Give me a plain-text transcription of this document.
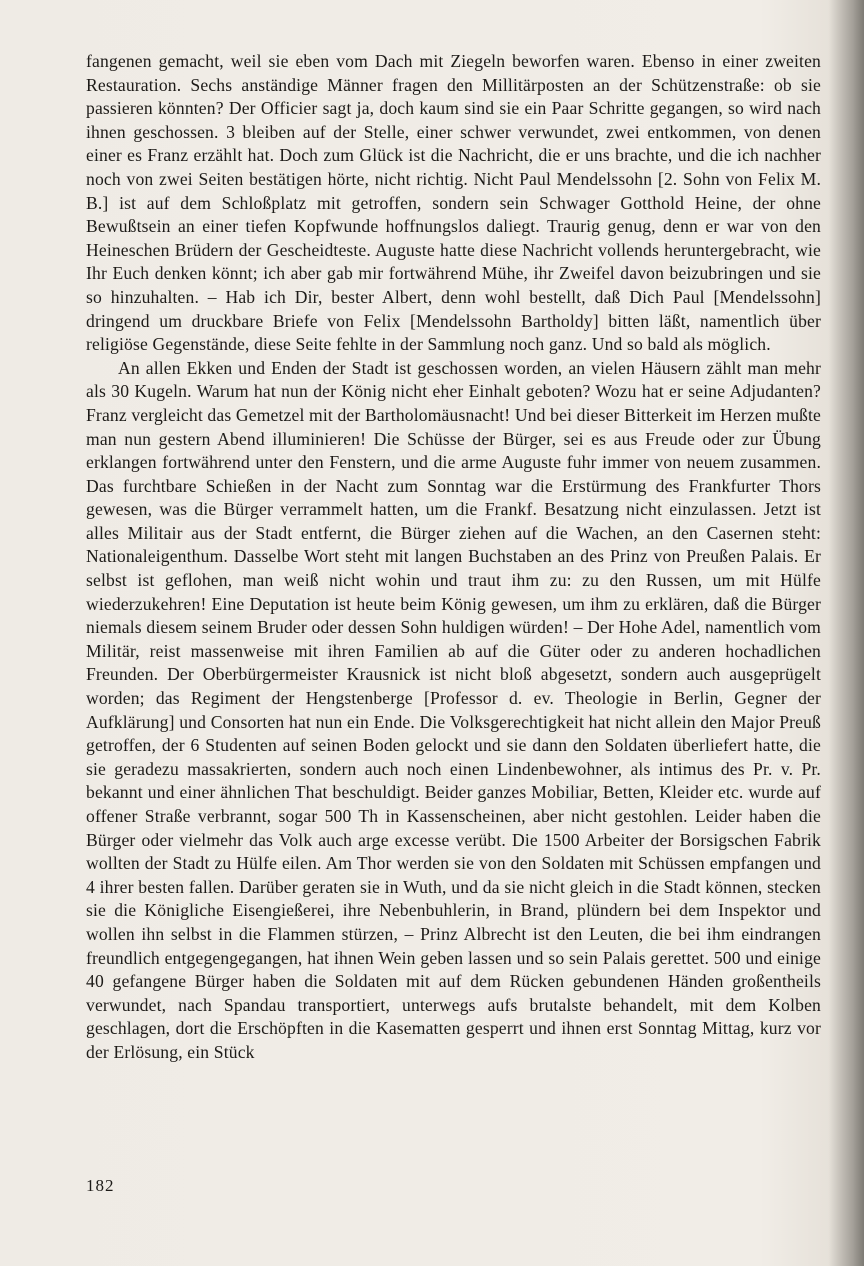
fangenen gemacht, weil sie eben vom Dach mit Ziegeln beworfen waren. Ebenso in einer zweiten Restauration. Sechs anständige Männer fragen den Millitärposten an der Schützenstraße: ob sie passieren könnten? Der Officier sagt ja, doch kaum sind sie ein Paar Schritte gegangen, so wird nach ihnen geschossen. 3 bleiben auf der Stelle, einer schwer verwundet, zwei entkommen, von denen einer es Franz erzählt hat. Doch zum Glück ist die Nachricht, die er uns brachte, und die ich nachher noch von zwei Seiten bestätigen hörte, nicht richtig. Nicht Paul Mendelssohn [2. Sohn von Felix M. B.] ist auf dem Schloßplatz mit getroffen, sondern sein Schwager Gotthold Heine, der ohne Bewußtsein an einer tiefen Kopfwunde hoffnungslos daliegt. Traurig genug, denn er war von den Heineschen Brüdern der Gescheidteste. Auguste hatte diese Nachricht vollends heruntergebracht, wie Ihr Euch denken könnt; ich aber gab mir fortwährend Mühe, ihr Zweifel davon beizubringen und sie so hinzuhalten. – Hab ich Dir, bester Albert, denn wohl bestellt, daß Dich Paul [Mendelssohn] dringend um druckbare Briefe von Felix [Mendelssohn Bartholdy] bitten läßt, namentlich über religiöse Gegenstände, diese Seite fehlte in der Sammlung noch ganz. Und so bald als möglich.

An allen Ekken und Enden der Stadt ist geschossen worden, an vielen Häusern zählt man mehr als 30 Kugeln. Warum hat nun der König nicht eher Einhalt geboten? Wozu hat er seine Adjudanten? Franz vergleicht das Gemetzel mit der Bartholomäusnacht! Und bei dieser Bitterkeit im Herzen mußte man nun gestern Abend illuminieren! Die Schüsse der Bürger, sei es aus Freude oder zur Übung erklangen fortwährend unter den Fenstern, und die arme Auguste fuhr immer von neuem zusammen. Das furchtbare Schießen in der Nacht zum Sonntag war die Erstürmung des Frankfurter Thors gewesen, was die Bürger verrammelt hatten, um die Frankf. Besatzung nicht einzulassen. Jetzt ist alles Militair aus der Stadt entfernt, die Bürger ziehen auf die Wachen, an den Casernen steht: Nationaleigenthum. Dasselbe Wort steht mit langen Buchstaben an des Prinz von Preußen Palais. Er selbst ist geflohen, man weiß nicht wohin und traut ihm zu: zu den Russen, um mit Hülfe wiederzukehren! Eine Deputation ist heute beim König gewesen, um ihm zu erklären, daß die Bürger niemals diesem seinem Bruder oder dessen Sohn huldigen würden! – Der Hohe Adel, namentlich vom Militär, reist massenweise mit ihren Familien ab auf die Güter oder zu anderen hochadlichen Freunden. Der Oberbürgermeister Krausnick ist nicht bloß abgesetzt, sondern auch ausgeprügelt worden; das Regiment der Hengstenberge [Professor d. ev. Theologie in Berlin, Gegner der Aufklärung] und Consorten hat nun ein Ende. Die Volksgerechtigkeit hat nicht allein den Major Preuß getroffen, der 6 Studenten auf seinen Boden gelockt und sie dann den Soldaten überliefert hatte, die sie geradezu massakrierten, sondern auch noch einen Lindenbewohner, als intimus des Pr. v. Pr. bekannt und einer ähnlichen That beschuldigt. Beider ganzes Mobiliar, Betten, Kleider etc. wurde auf offener Straße verbrannt, sogar 500 Th in Kassenscheinen, aber nicht gestohlen. Leider haben die Bürger oder vielmehr das Volk auch arge excesse verübt. Die 1500 Arbeiter der Borsigschen Fabrik wollten der Stadt zu Hülfe eilen. Am Thor werden sie von den Soldaten mit Schüssen empfangen und 4 ihrer besten fallen. Darüber geraten sie in Wuth, und da sie nicht gleich in die Stadt können, stecken sie die Königliche Eisengießerei, ihre Nebenbuhlerin, in Brand, plündern bei dem Inspektor und wollen ihn selbst in die Flammen stürzen, – Prinz Albrecht ist den Leuten, die bei ihm eindrangen freundlich entgegengegangen, hat ihnen Wein geben lassen und so sein Palais gerettet. 500 und einige 40 gefangene Bürger haben die Soldaten mit auf dem Rücken gebundenen Händen großentheils verwundet, nach Spandau transportiert, unterwegs aufs brutalste behandelt, mit dem Kolben geschlagen, dort die Erschöpften in die Kasematten gesperrt und ihnen erst Sonntag Mittag, kurz vor der Erlösung, ein Stück

182
